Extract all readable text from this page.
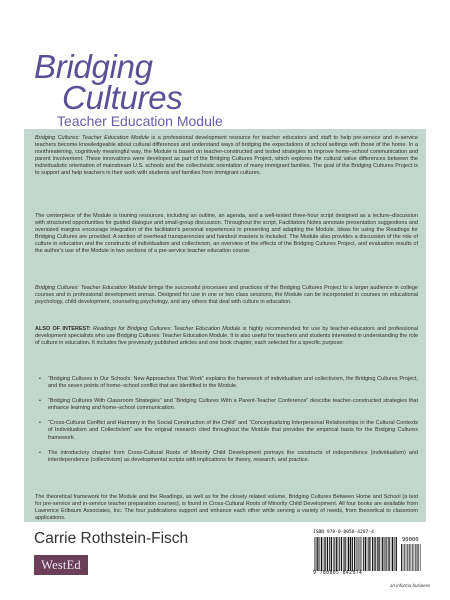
Bridging
Cultures
Teacher Education Module

Bridging Cultures: Teacher Education Module is a professional development resource for teacher educators and staff to help pre-service and in-service teachers become knowledgeable about cultural differences and understand ways of bridging the expectations of school settings with those of the home. In a nonthreatening, cognitively meaningful way, the Module is based on teacher-constructed and tested strategies to improve home–school communication and parent involvement. These innovations were developed as part of the Bridging Cultures Project, which explores the cultural value differences between the individualistic orientation of mainstream U.S. schools and the collectivistic orientation of many immigrant families. The goal of the Bridging Cultures Project is to support and help teachers in their work with students and families from immigrant cultures.

The centerpiece of the Module is training resources, including an outline, an agenda, and a well-tested three-hour script designed as a lecture–discussion with structured opportunities for guided dialogue and small-group discussion. Throughout the script, Facilitators Notes annotate presentation suggestions and oversized margins encourage integration of the facilitator's personal experiences in presenting and adapting the Module. Ideas for using the Readings for Bridging Cultures are provided. A section of overhead transparencies and handout masters is included. The Module also provides a discussion of the role of culture in education and the constructs of individualism and collectivism, an overview of the effects of the Bridging Cultures Project, and evaluation results of the author's use of the Module in two sections of a pre-service teacher education course.

Bridging Cultures: Teacher Education Module brings the successful processes and practices of the Bridging Cultures Project to a larger audience in college courses and in professional development arenas. Designed for use in one or two class sessions, the Module can be incorporated in courses on educational psychology, child development, counseling psychology, and any others that deal with culture in education.

ALSO OF INTEREST: Readings for Bridging Cultures: Teacher Education Module is highly recommended for use by teacher-educators and professional development specialists who use Bridging Cultures: Teacher Education Module. It is also useful for teachers and students interested in understanding the role of culture in education. It includes five previously published articles and one book chapter, each selected for a specific purpose:

• “Bridging Cultures in Our Schools: New Approaches That Work” explains the framework of individualism and collectivism, the Bridging Cultures Project, and the seven points of home–school conflict that are identified in the Module.
• “Bridging Cultures With Classroom Strategies” and “Bridging Cultures With a Parent-Teacher Conference” describe teacher-constructed strategies that enhance learning and home–school communication.
• “Cross-Cultural Conflict and Harmony in the Social Construction of the Child” and “Conceptualizing Interpersonal Relationships in the Cultural Contexts of Individualism and Collectivism” are the original research cited throughout the Module that provides the empirical basis for the Bridging Cultures framework.
• The introductory chapter from Cross-Cultural Roots of Minority Child Development portrays the constructs of independence (individualism) and interdependence (collectivism) as developmental scripts with implications for theory, research, and practice.

The theoretical framework for the Module and the Readings, as well as for the closely related volume, Bridging Cultures Between Home and School (a text for pre-service and in-service teacher preparation courses), is found in Cross-Cultural Roots of Minority Child Development. All four books are available from Lawrence Erlbaum Associates, Inc. The four publications support and enhance each other while serving a variety of needs, from theoretical to classroom applications.

Carrie Rothstein-Fisch
WestEd
ISBN 978-0-8058-4207-4
90000
9 780805 842074
an informa business
